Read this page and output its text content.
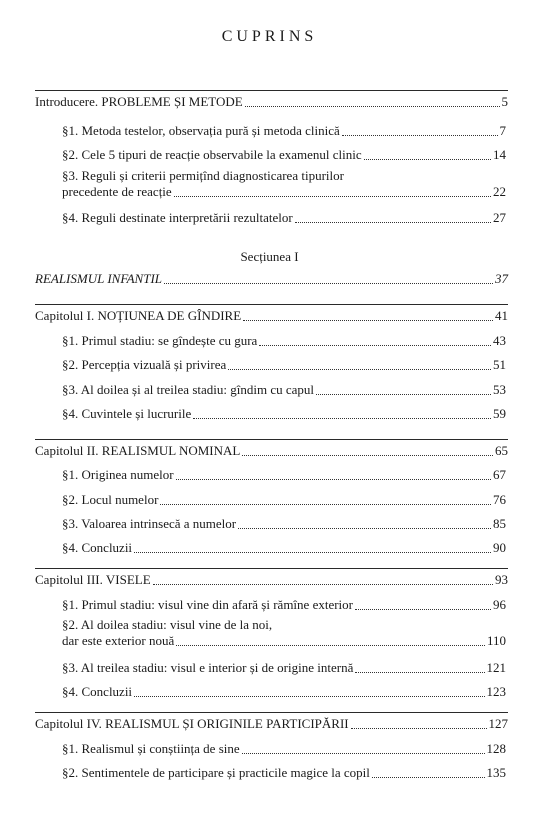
CUPRINS
Introducere. PROBLEME ȘI METODE	5
§1. Metoda testelor, observația pură și metoda clinică	7
§2. Cele 5 tipuri de reacție observabile la examenul clinic	14
§3. Reguli și criterii permițînd diagnosticarea tipurilor
precedente de reacție	22
§4. Reguli destinate interpretării rezultatelor	27
Secțiunea I
REALISMUL INFANTIL	37
Capitolul I. NOȚIUNEA DE GÎNDIRE	41
§1. Primul stadiu: se gîndește cu gura	43
§2. Percepția vizuală și privirea	51
§3. Al doilea și al treilea stadiu: gîndim cu capul	53
§4. Cuvintele și lucrurile	59
Capitolul II. REALISMUL NOMINAL	65
§1. Originea numelor	67
§2. Locul numelor	76
§3. Valoarea intrinsecă a numelor	85
§4. Concluzii	90
Capitolul III. VISELE	93
§1. Primul stadiu: visul vine din afară și rămîne exterior	96
§2. Al doilea stadiu: visul vine de la noi,
dar este exterior nouă	110
§3. Al treilea stadiu: visul e interior și de origine internă	121
§4. Concluzii	123
Capitolul IV. REALISMUL ȘI ORIGINILE PARTICIPĂRII	127
§1. Realismul și conștiința de sine	128
§2. Sentimentele de participare și practicile magice la copil	135
